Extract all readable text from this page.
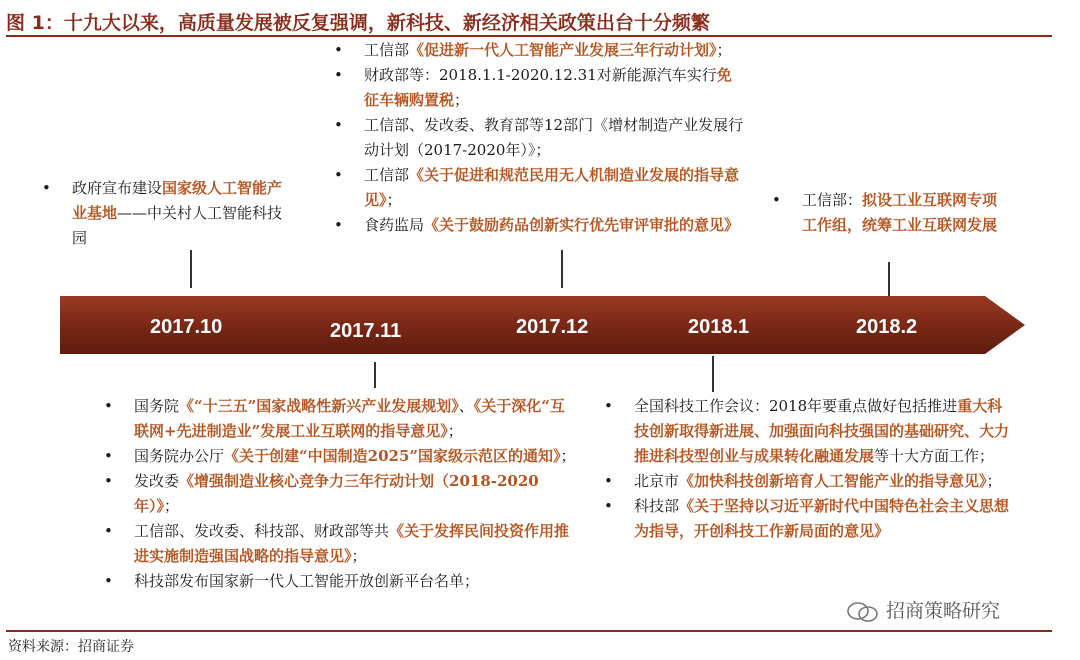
图 1：十九大以来，高质量发展被反复强调，新科技、新经济相关政策出台十分频繁
• 政府宣布建设国家级人工智能产业基地——中关村人工智能科技园
• 工信部《促进新一代人工智能产业发展三年行动计划》；
• 财政部等：2018.1.1-2020.12.31对新能源汽车实行免征车辆购置税；
• 工信部、发改委、教育部等12部门《增材制造产业发展行动计划（2017-2020年）》；
• 工信部《关于促进和规范民用无人机制造业发展的指导意见》；
• 食药监局《关于鼓励药品创新实行优先审评审批的意见》
• 工信部：拟设工业互联网专项工作组，统筹工业互联网发展
2017.10	2017.11	2017.12	2018.1	2018.2
• 国务院《“十三五”国家战略性新兴产业发展规划》、《关于深化“互联网+先进制造业”发展工业互联网的指导意见》；
• 国务院办公厅《关于创建“中国制造2025”国家级示范区的通知》；
• 发改委《增强制造业核心竞争力三年行动计划（2018-2020年）》；
• 工信部、发改委、科技部、财政部等共《关于发挥民间投资作用推进实施制造强国战略的指导意见》；
• 科技部发布国家新一代人工智能开放创新平台名单；
• 全国科技工作会议：2018年要重点做好包括推进重大科技创新取得新进展、加强面向科技强国的基础研究、大力推进科技型创业与成果转化融通发展等十大方面工作；
• 北京市《加快科技创新培育人工智能产业的指导意见》；
• 科技部《关于坚持以习近平新时代中国特色社会主义思想为指导，开创科技工作新局面的意见》
招商策略研究
资料来源：招商证券
